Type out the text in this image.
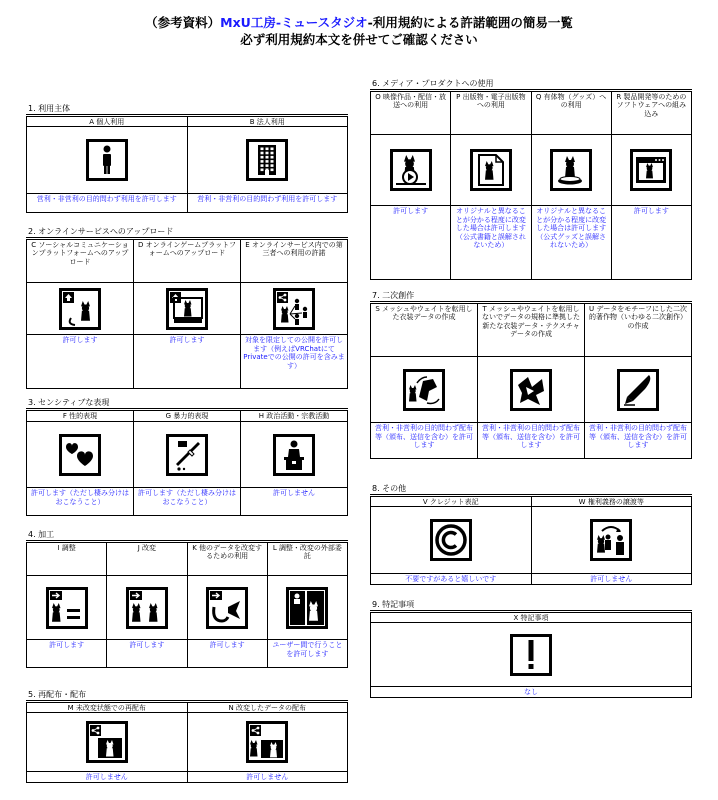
（参考資料）MxU工房-ミュースタジオ-利用規約による許諾範囲の簡易一覧
必ず利用規約本文を併せてご確認ください
1. 利用主体
A 個人利用
営利・非営利の目的問わず利用を許可します
B 法人利用
営利・非営利の目的問わず利用を許可します
2. オンラインサービスへのアップロード
C ソーシャルコミュニケーションプラットフォームへのアップロード
許可します
D オンラインゲームプラットフォームへのアップロード
許可します
E オンラインサービス内での第三者への利用の許諾
対象を限定しての公開を許可します（例えばVRChatにてPrivateでの公開の許可を含みます）
3. センシティブな表現
F 性的表現
許可します（ただし棲み分けはおこなうこと）
G 暴力的表現
許可します（ただし棲み分けはおこなうこと）
H 政治活動・宗教活動
許可しません
4. 加工
I 調整
許可します
J 改変
許可します
K 他のデータを改変するための利用
許可します
L 調整・改変の外部委託
ユーザー間で行うことを許可します
5. 再配布・配布
M 未改変状態での再配布
許可しません
N 改変したデータの配布
許可しません
6. メディア・プロダクトへの使用
O 映像作品・配信・放送への利用
許可します
P 出版物・電子出版物への利用
オリジナルと異なることが分かる程度に改変した場合は許可します（公式書籍と誤解されないため）
Q 有体物（グッズ）への利用
オリジナルと異なることが分かる程度に改変した場合は許可します（公式グッズと誤解されないため）
R 製品開発等のためのソフトウェアへの組み込み
許可します
7. 二次創作
S メッシュやウェイトを転用した衣装データの作成
営利・非営利の目的問わず配布等（頒布、送信を含む）を許可します
T メッシュやウェイトを転用しないでデータの規格に準拠した新たな衣装データ・テクスチャデータの作成
営利・非営利の目的問わず配布等（頒布、送信を含む）を許可します
U データをモチーフにした二次的著作物（いわゆる二次創作）の作成
営利・非営利の目的問わず配布等（頒布、送信を含む）を許可します
8. その他
V クレジット表記
不要ですがあると嬉しいです
W 権利義務の譲渡等
許可しません
9. 特記事項
X 特記事項
なし
